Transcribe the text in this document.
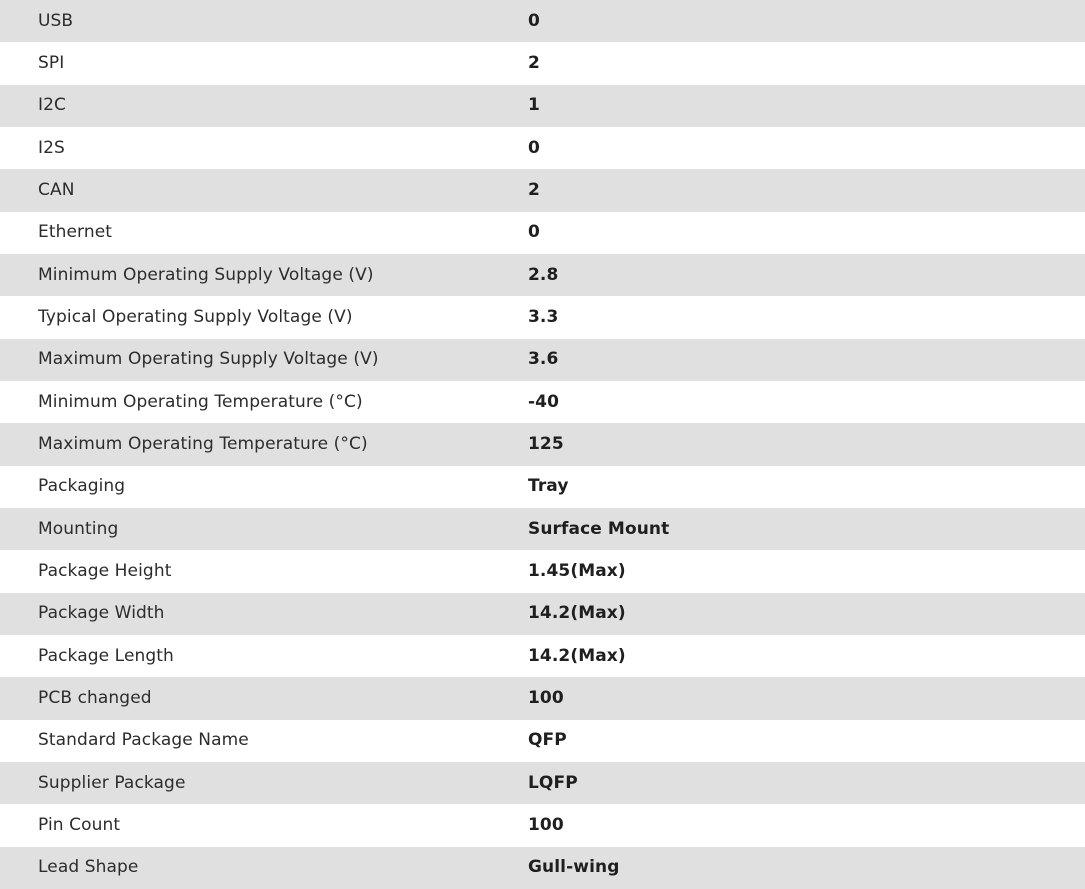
USB	0
SPI	2
I2C	1
I2S	0
CAN	2
Ethernet	0
Minimum Operating Supply Voltage (V)	2.8
Typical Operating Supply Voltage (V)	3.3
Maximum Operating Supply Voltage (V)	3.6
Minimum Operating Temperature (°C)	-40
Maximum Operating Temperature (°C)	125
Packaging	Tray
Mounting	Surface Mount
Package Height	1.45(Max)
Package Width	14.2(Max)
Package Length	14.2(Max)
PCB changed	100
Standard Package Name	QFP
Supplier Package	LQFP
Pin Count	100
Lead Shape	Gull-wing
